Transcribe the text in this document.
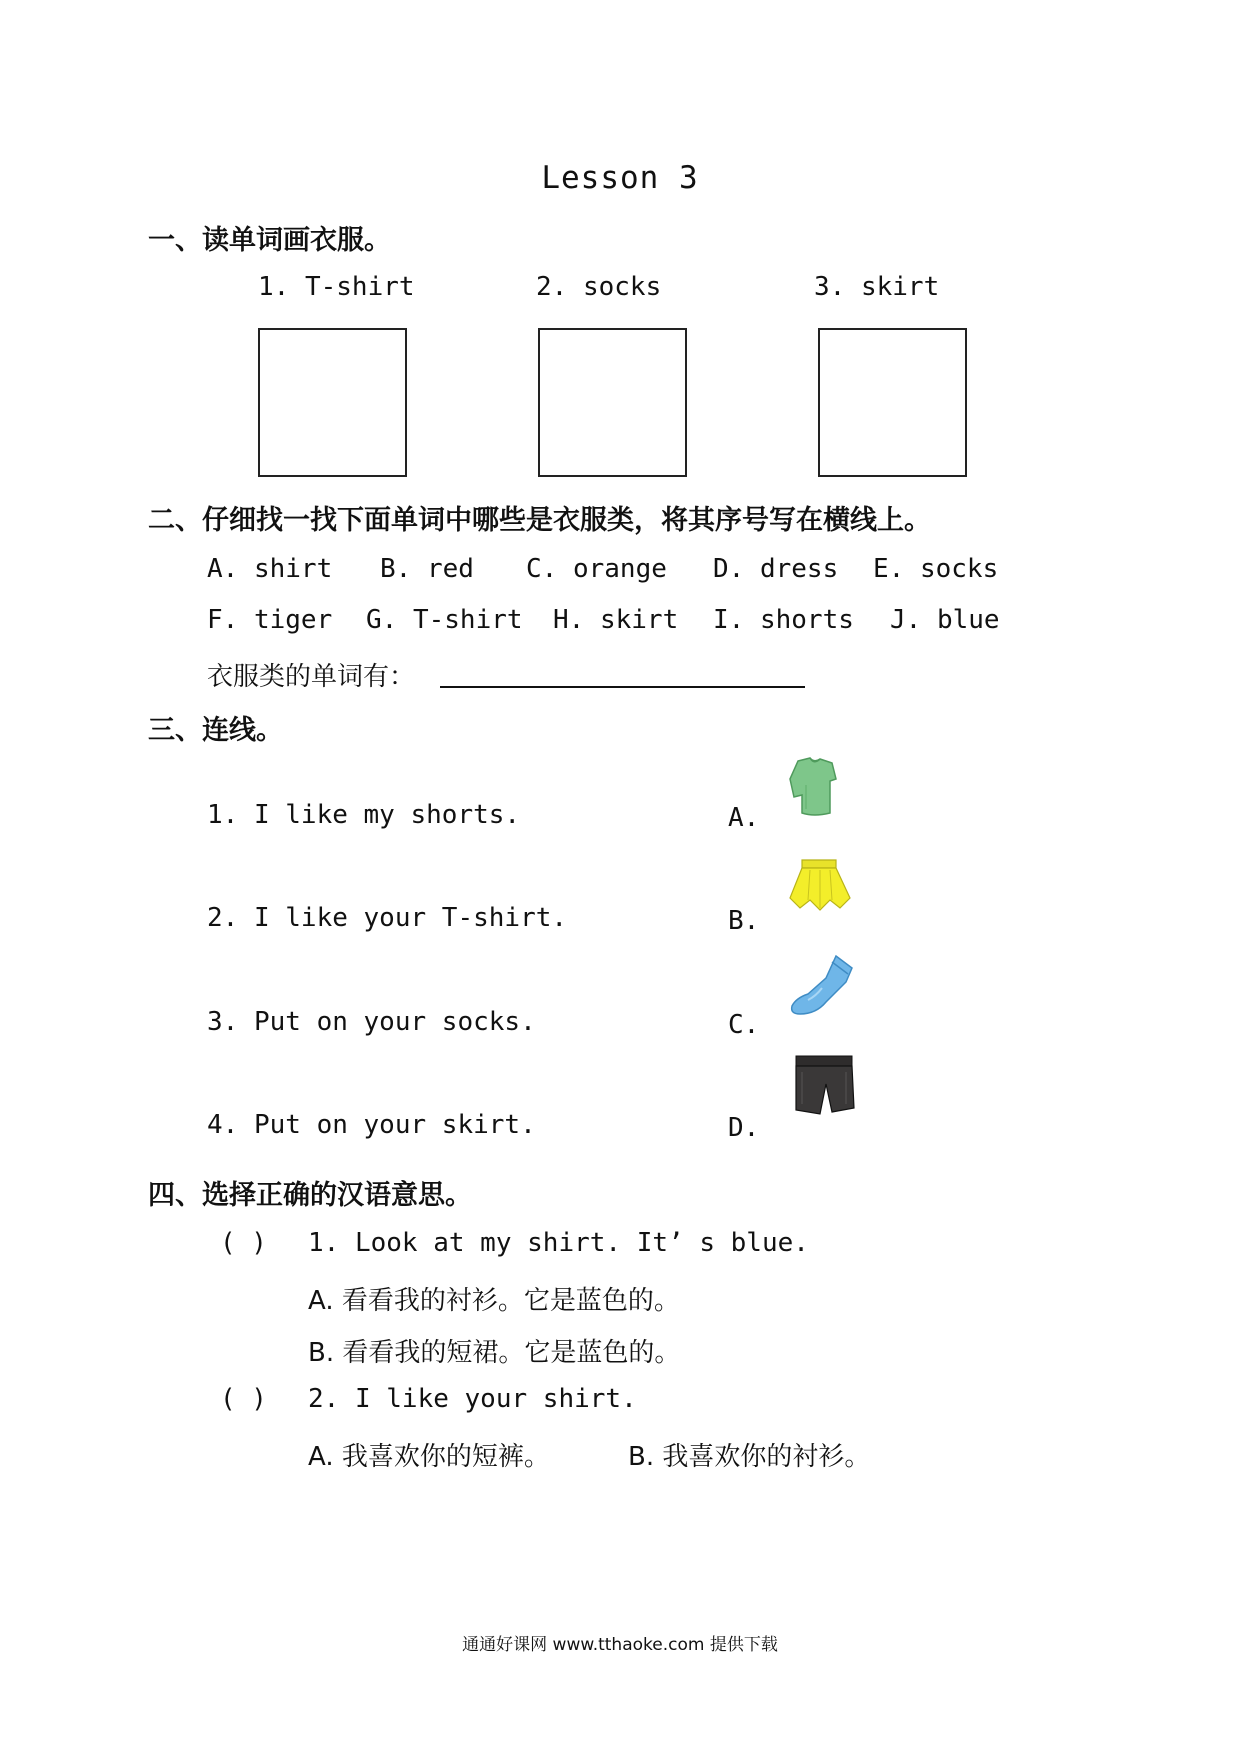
Lesson 3
一、读单词画衣服。
1. T-shirt	2. socks	3. skirt
二、仔细找一找下面单词中哪些是衣服类，将其序号写在横线上。
A. shirt B. red C. orange D. dress E. socks
F. tiger G. T-shirt H. skirt I. shorts J. blue
衣服类的单词有：
三、连线。
1. I like my shorts.
2. I like your T-shirt.
3. Put on your socks.
4. Put on your skirt.
A.
B.
C.
D.
四、选择正确的汉语意思。
( ) 1. Look at my shirt. It’ s blue.
A. 看看我的衬衫。它是蓝色的。
B. 看看我的短裙。它是蓝色的。
( ) 2. I like your shirt.
A. 我喜欢你的短裤。	B. 我喜欢你的衬衫。
通通好课网 www.tthaoke.com 提供下载
